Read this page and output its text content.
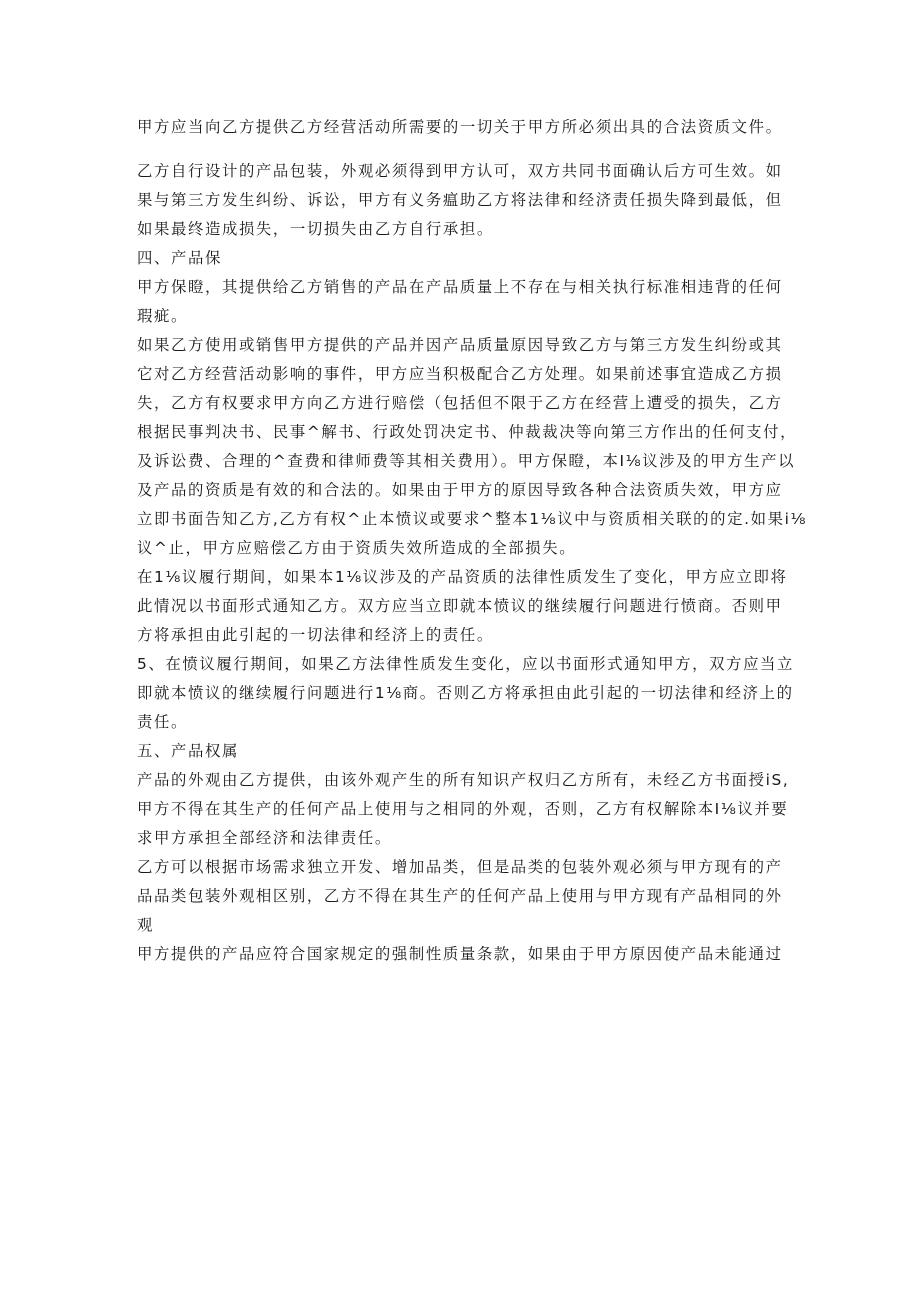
甲方应当向乙方提供乙方经营活动所需要的一切关于甲方所必须出具的合法资质文件。
乙方自行设计的产品包装，外观必须得到甲方认可，双方共同书面确认后方可生效。如
果与第三方发生纠纷、诉讼，甲方有义务瘟助乙方将法律和经济责任损失降到最低，但
如果最终造成损失，一切损失由乙方自行承担。
四、产品保
甲方保瞪，其提供给乙方销售的产品在产品质量上不存在与相关执行标准相违背的任何
瑕疵。
如果乙方使用或销售甲方提供的产品并因产品质量原因导致乙方与第三方发生纠纷或其
它对乙方经营活动影响的事件，甲方应当积极配合乙方处理。如果前述事宜造成乙方损
失，乙方有权要求甲方向乙方进行赔偿（包括但不限于乙方在经营上遭受的损失，乙方
根据民事判决书、民事^解书、行政处罚决定书、仲裁裁决等向第三方作出的任何支付，
及诉讼费、合理的^查费和律师费等其相关费用）。甲方保瞪，本I⅛议涉及的甲方生产以
及产品的资质是有效的和合法的。如果由于甲方的原因导致各种合法资质失效，甲方应
立即书面告知乙方,乙方有权^止本愤议或要求^整本1⅛议中与资质相关联的的定.如果i⅛
议^止，甲方应赔偿乙方由于资质失效所造成的全部损失。
在1⅛议履行期间，如果本1⅛议涉及的产品资质的法律性质发生了变化，甲方应立即将
此情况以书面形式通知乙方。双方应当立即就本愤议的继续履行问题进行愤商。否则甲
方将承担由此引起的一切法律和经济上的责任。
5、在愤议履行期间，如果乙方法律性质发生变化，应以书面形式通知甲方，双方应当立
即就本愤议的继续履行问题进行1⅛商。否则乙方将承担由此引起的一切法律和经济上的
责任。
五、产品权属
产品的外观由乙方提供，由该外观产生的所有知识产权归乙方所有，未经乙方书面授iS,
甲方不得在其生产的任何产品上使用与之相同的外观，否则，乙方有权解除本I⅛议并要
求甲方承担全部经济和法律责任。
乙方可以根据市场需求独立开发、增加品类，但是品类的包装外观必须与甲方现有的产
品品类包装外观相区别，乙方不得在其生产的任何产品上使用与甲方现有产品相同的外
观
甲方提供的产品应符合国家规定的强制性质量条款，如果由于甲方原因使产品未能通过
